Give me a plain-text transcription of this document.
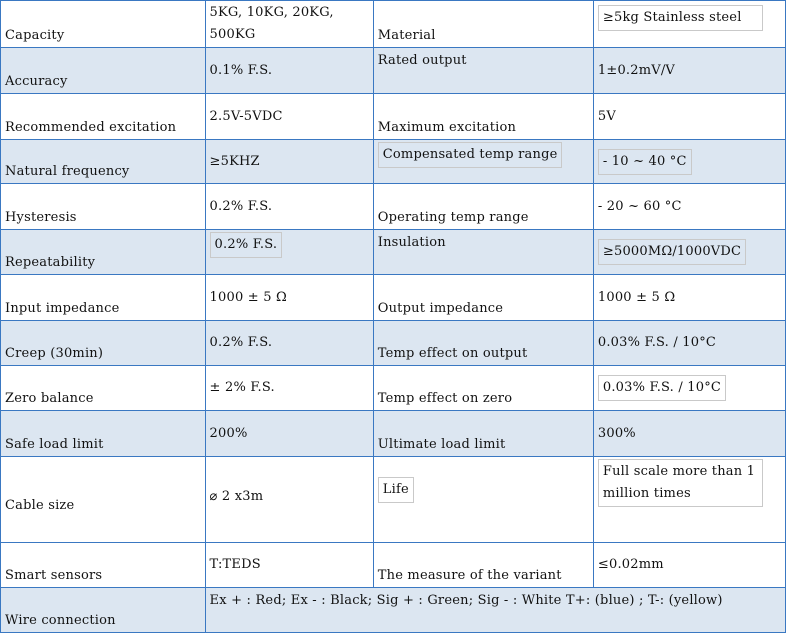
Capacity	5KG, 10KG, 20KG, 500KG	Material	≥5kg Stainless steel
Accuracy	0.1% F.S.	Rated output	1±0.2mV/V
Recommended excitation	2.5V-5VDC	Maximum excitation	5V
Natural frequency	≥5KHZ	Compensated temp range	- 10 ~ 40 °C
Hysteresis	0.2% F.S.	Operating temp range	- 20 ~ 60 °C
Repeatability	0.2% F.S.	Insulation	≥5000MΩ/1000VDC
Input impedance	1000 ± 5 Ω	Output impedance	1000 ± 5 Ω
Creep (30min)	0.2% F.S.	Temp effect on output	0.03% F.S. / 10°C
Zero balance	± 2% F.S.	Temp effect on zero	0.03% F.S. / 10°C
Safe load limit	200%	Ultimate load limit	300%
Cable size	⌀ 2 x3m	Life	Full scale more than 1 million times
Smart sensors	T:TEDS	The measure of the variant	≤0.02mm
Wire connection	Ex + : Red; Ex - : Black; Sig + : Green; Sig - : White T+: (blue) ; T-: (yellow)		
